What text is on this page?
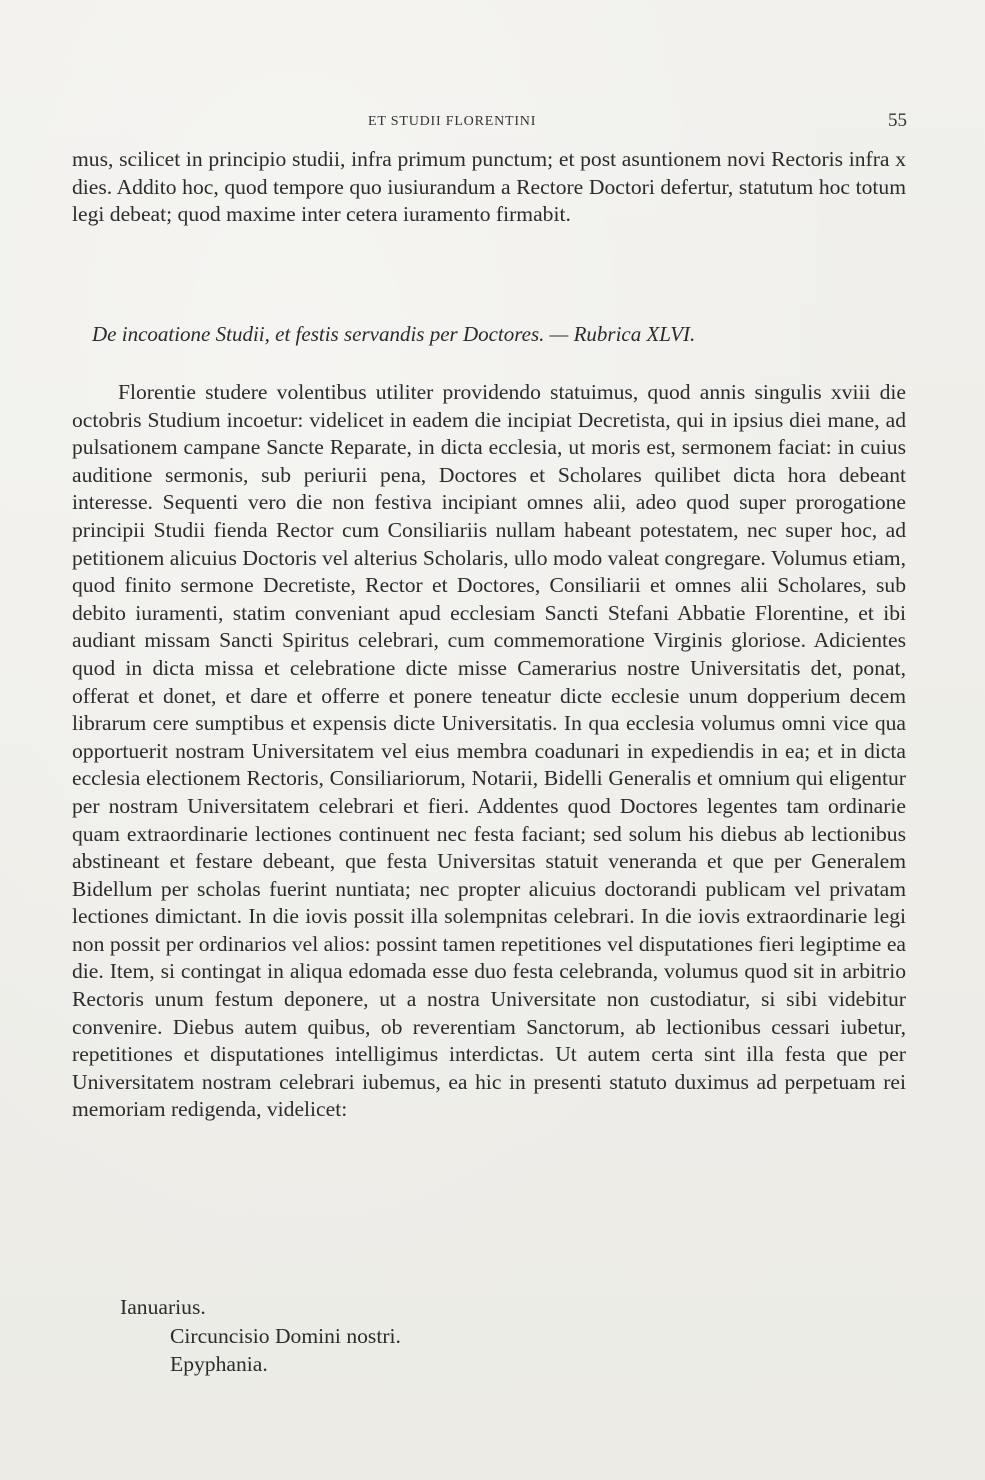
ET STUDII FLORENTINI	55

mus, scilicet in principio studii, infra primum punctum; et post asuntionem novi Rectoris infra x dies. Addito hoc, quod tempore quo iusiurandum a Rectore Doctori defertur, statutum hoc totum legi debeat; quod maxime inter cetera iuramento firmabit.

De incoatione Studii, et festis servandis per Doctores. — Rubrica XLVI.

Florentie studere volentibus utiliter providendo statuimus, quod annis singulis xviii die octobris Studium incoetur: videlicet in eadem die incipiat Decretista, qui in ipsius diei mane, ad pulsationem campane Sancte Reparate, in dicta ecclesia, ut moris est, sermonem faciat: in cuius auditione sermonis, sub periurii pena, Doctores et Scholares quilibet dicta hora debeant interesse. Sequenti vero die non festiva incipiant omnes alii, adeo quod super prorogatione principii Studii fienda Rector cum Consiliariis nullam habeant potestatem, nec super hoc, ad petitionem alicuius Doctoris vel alterius Scholaris, ullo modo valeat congregare. Volumus etiam, quod finito sermone Decretiste, Rector et Doctores, Consiliarii et omnes alii Scholares, sub debito iuramenti, statim conveniant apud ecclesiam Sancti Stefani Abbatie Florentine, et ibi audiant missam Sancti Spiritus celebrari, cum commemoratione Virginis gloriose. Adicientes quod in dicta missa et celebratione dicte misse Camerarius nostre Universitatis det, ponat, offerat et donet, et dare et offerre et ponere teneatur dicte ecclesie unum dopperium decem librarum cere sumptibus et expensis dicte Universitatis. In qua ecclesia volumus omni vice qua opportuerit nostram Universitatem vel eius membra coadunari in expediendis in ea; et in dicta ecclesia electionem Rectoris, Consiliariorum, Notarii, Bidelli Generalis et omnium qui eligentur per nostram Universitatem celebrari et fieri. Addentes quod Doctores legentes tam ordinarie quam extraordinarie lectiones continuent nec festa faciant; sed solum his diebus ab lectionibus abstineant et festare debeant, que festa Universitas statuit veneranda et que per Generalem Bidellum per scholas fuerint nuntiata; nec propter alicuius doctorandi publicam vel privatam lectiones dimictant. In die iovis possit illa solempnitas celebrari. In die iovis extraordinarie legi non possit per ordinarios vel alios: possint tamen repetitiones vel disputationes fieri legiptime ea die. Item, si contingat in aliqua edomada esse duo festa celebranda, volumus quod sit in arbitrio Rectoris unum festum deponere, ut a nostra Universitate non custodiatur, si sibi videbitur convenire. Diebus autem quibus, ob reverentiam Sanctorum, ab lectionibus cessari iubetur, repetitiones et disputationes intelligimus interdictas. Ut autem certa sint illa festa que per Universitatem nostram celebrari iubemus, ea hic in presenti statuto duximus ad perpetuam rei memoriam redigenda, videlicet:

Ianuarius.
Circuncisio Domini nostri.
Epyphania.
